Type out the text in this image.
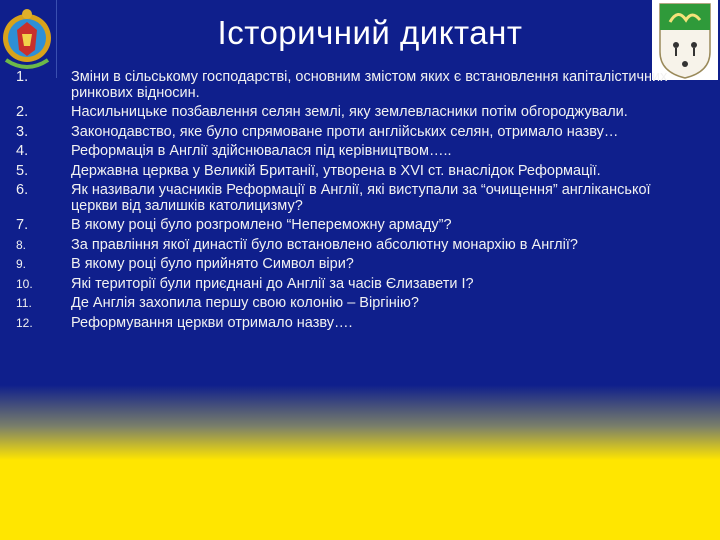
Історичний диктант
1.	Зміни в сільському господарстві, основним змістом яких є встановлення капіталістичних ринкових відносин.
2.	Насильницьке позбавлення селян землі, яку землевласники потім обгороджували.
3.	Законодавство, яке було спрямоване проти англійських селян, отримало назву…
4.	Реформація в Англії здійснювалася під керівництвом…..
5.	Державна церква у Великій Британії, утворена в XVI ст. внаслідок Реформації.
6.	Як називали учасників Реформації в Англії, які виступали за “очищення” англіканської церкви від залишків католицизму?
7.	В якому році було розгромлено “Непереможну армаду”?
8.	За правління якої династії було встановлено абсолютну монархію в Англії?
9.	В якому році було прийнято Символ віри?
10.	Які території були приєднані до Англії за часів Єлизавети І?
11.	Де Англія захопила першу свою колонію – Віргінію?
12.	Реформування церкви отримало назву….
